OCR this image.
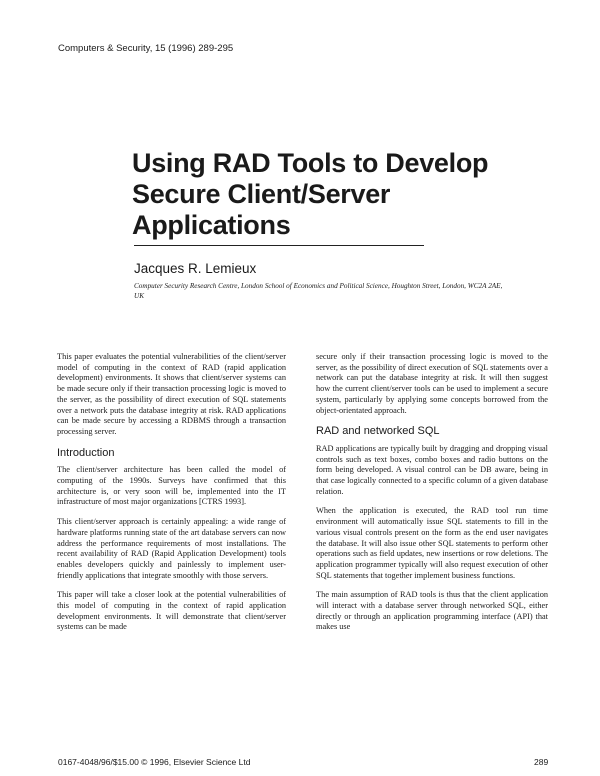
Computers & Security, 15 (1996) 289-295
Using RAD Tools to Develop Secure Client/Server Applications
Jacques R. Lemieux
Computer Security Research Centre, London School of Economics and Political Science, Houghton Street, London, WC2A 2AE, UK

This paper evaluates the potential vulnerabilities of the client/server model of computing in the context of RAD (rapid application development) environments. It shows that client/server systems can be made secure only if their transaction processing logic is moved to the server, as the possibility of direct execution of SQL statements over a network puts the database integrity at risk. RAD applications can be made secure by accessing a RDBMS through a transaction processing server.

Introduction

The client/server architecture has been called the model of computing of the 1990s. Surveys have confirmed that this architecture is, or very soon will be, implemented into the IT infrastructure of most major organizations [CTRS 1993].

This client/server approach is certainly appealing: a wide range of hardware platforms running state of the art database servers can now address the performance requirements of most installations. The recent availability of RAD (Rapid Application Development) tools enables developers quickly and painlessly to implement user-friendly applications that integrate smoothly with those servers.

This paper will take a closer look at the potential vulnerabilities of this model of computing in the context of rapid application development environments. It will demonstrate that client/server systems can be made

secure only if their transaction processing logic is moved to the server, as the possibility of direct execution of SQL statements over a network can put the database integrity at risk. It will then suggest how the current client/server tools can be used to implement a secure system, particularly by applying some concepts borrowed from the object-orientated approach.

RAD and networked SQL

RAD applications are typically built by dragging and dropping visual controls such as text boxes, combo boxes and radio buttons on the form being developed. A visual control can be DB aware, being in that case logically connected to a specific column of a given database relation.

When the application is executed, the RAD tool run time environment will automatically issue SQL statements to fill in the various visual controls present on the form as the end user navigates the database. It will also issue other SQL statements to perform other operations such as field updates, new insertions or row deletions. The application programmer typically will also request execution of other SQL statements that together implement business functions.

The main assumption of RAD tools is thus that the client application will interact with a database server through networked SQL, either directly or through an application programming interface (API) that makes use

0167-4048/96/$15.00 © 1996, Elsevier Science Ltd	289
